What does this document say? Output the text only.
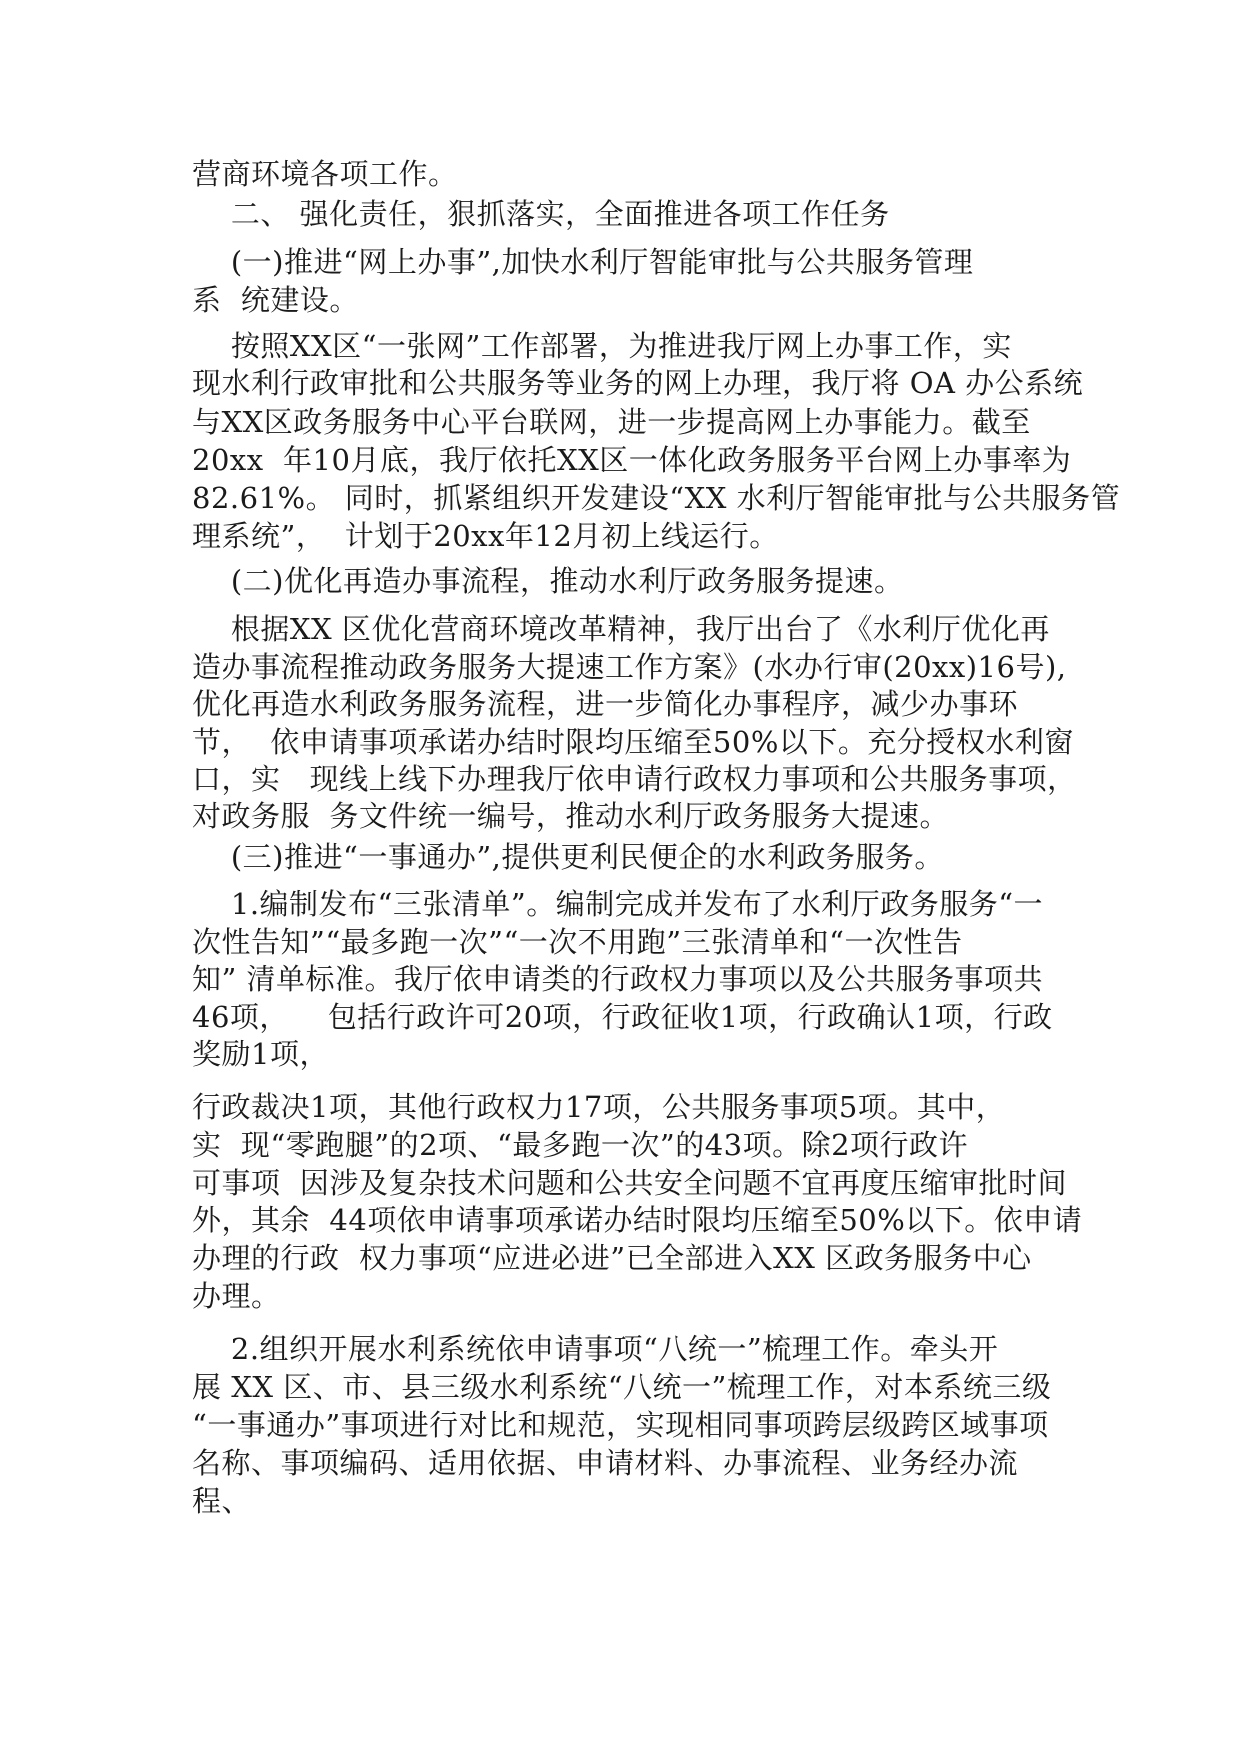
营商环境各项工作。
二、 强化责任，狠抓落实，全面推进各项工作任务
(一)推进“网上办事”,加快水利厅智能审批与公共服务管理
系  统建设。
按照XX区“一张网”工作部署，为推进我厅网上办事工作，实
现水利行政审批和公共服务等业务的网上办理，我厅将 OA 办公系统
与XX区政务服务中心平台联网，进一步提高网上办事能力。截至
20xx  年10月底，我厅依托XX区一体化政务服务平台网上办事率为
82.61%。 同时，抓紧组织开发建设“XX 水利厅智能审批与公共服务管
理系统”，  计划于20xx年12月初上线运行。
(二)优化再造办事流程，推动水利厅政务服务提速。
根据XX 区优化营商环境改革精神，我厅出台了《水利厅优化再
造办事流程推动政务服务大提速工作方案》(水办行审(20xx)16号),
优化再造水利政务服务流程，进一步简化办事程序，减少办事环
节，  依申请事项承诺办结时限均压缩至50%以下。充分授权水利窗
口，实   现线上线下办理我厅依申请行政权力事项和公共服务事项，
对政务服  务文件统一编号，推动水利厅政务服务大提速。
(三)推进“一事通办”,提供更利民便企的水利政务服务。
1.编制发布“三张清单”。编制完成并发布了水利厅政务服务“一
次性告知”“最多跑一次”“一次不用跑”三张清单和“一次性告
知” 清单标准。我厅依申请类的行政权力事项以及公共服务事项共
46项，    包括行政许可20项，行政征收1项，行政确认1项，行政
奖励1项，
行政裁决1项，其他行政权力17项，公共服务事项5项。其中，
实  现“零跑腿”的2项、“最多跑一次”的43项。除2项行政许
可事项  因涉及复杂技术问题和公共安全问题不宜再度压缩审批时间
外，其余  44项依申请事项承诺办结时限均压缩至50%以下。依申请
办理的行政  权力事项“应进必进”已全部进入XX 区政务服务中心
办理。
2.组织开展水利系统依申请事项“八统一”梳理工作。牵头开
展 XX 区、市、县三级水利系统“八统一”梳理工作，对本系统三级
“一事通办”事项进行对比和规范，实现相同事项跨层级跨区域事项
名称、事项编码、适用依据、申请材料、办事流程、业务经办流
程、
